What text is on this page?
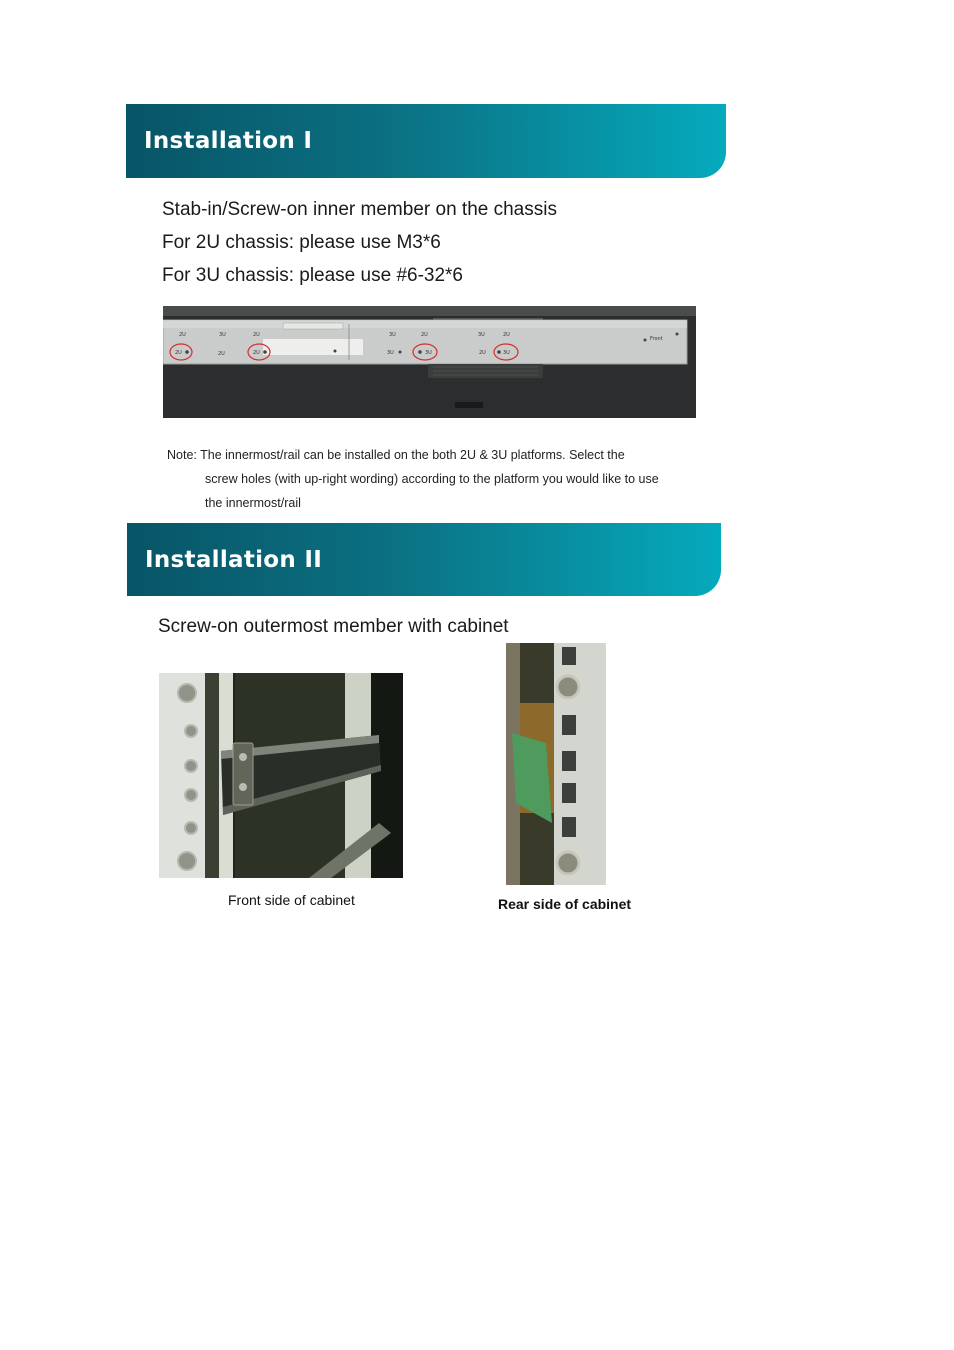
Installation I
Stab-in/Screw-on inner member on the chassis
For 2U chassis: please use M3*6
For 3U chassis: please use #6-32*6
2U	3U	2U	3U	2U	3U	2U
2U	2U	2U	3U	3U	2U	3U
Front
Note: The innermost/rail can be installed on the both 2U & 3U platforms. Select the
screw holes (with up-right wording) according to the platform you would like to use
the innermost/rail
Installation II
Screw-on outermost member with cabinet
Front side of cabinet	Rear side of cabinet
